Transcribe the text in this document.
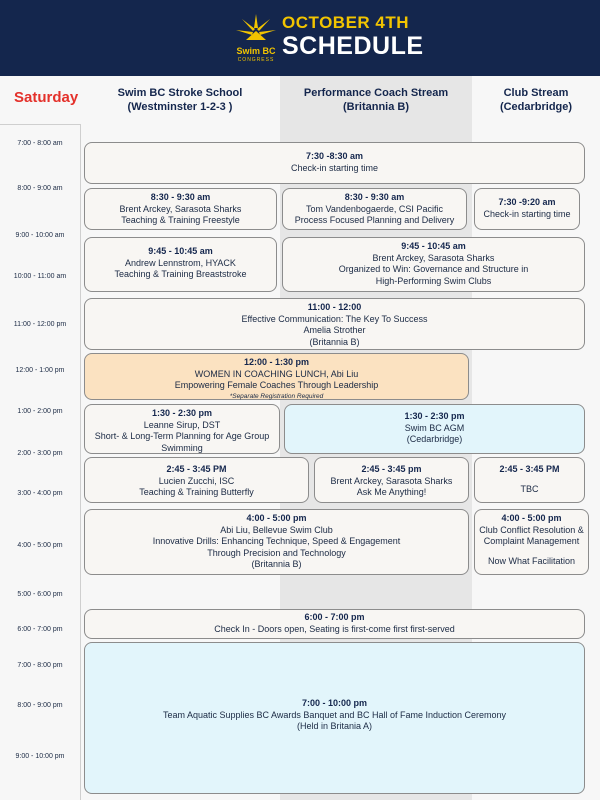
Swim BC
CONGRESS
OCTOBER 4TH
SCHEDULE
Saturday	Swim BC Stroke School
(Westminster 1-2-3 )
Performance Coach Stream
(Britannia B)
Club Stream
(Cedarbridge)
7:00 - 8:00 am
8:00 - 9:00 am
9:00 - 10:00 am
10:00 - 11:00 am
11:00 - 12:00 pm
12:00 - 1:00 pm
1:00 - 2:00 pm
2:00 - 3:00 pm
3:00 - 4:00 pm
4:00 - 5:00 pm
5:00 - 6:00 pm
6:00 - 7:00 pm
7:00 - 8:00 pm
8:00 - 9:00 pm
9:00 - 10:00 pm
7:30 -8:30 am
Check-in starting time
8:30 - 9:30 am
Brent Arckey, Sarasota Sharks
Teaching & Training Freestyle
8:30 - 9:30 am
Tom Vandenbogaerde, CSI Pacific
Process Focused Planning and Delivery
7:30 -9:20 am
Check-in starting time
9:45 - 10:45 am
Andrew Lennstrom, HYACK
Teaching & Training Breaststroke
9:45 - 10:45 am
Brent Arckey, Sarasota Sharks
Organized to Win: Governance and Structure in
High-Performing Swim Clubs
11:00 - 12:00
Effective Communication: The Key To Success
Amelia Strother
(Britannia B)
12:00 - 1:30 pm
WOMEN IN COACHING LUNCH, Abi Liu
Empowering Female Coaches Through Leadership
*Separate Registration Required
1:30 - 2:30 pm
Leanne Sirup, DST
Short- & Long-Term Planning for Age Group
Swimming
1:30 - 2:30 pm
Swim BC AGM
(Cedarbridge)
2:45 - 3:45 PM
Lucien Zucchi, ISC
Teaching & Training Butterfly
2:45 - 3:45 pm
Brent Arckey, Sarasota Sharks
Ask Me Anything!
2:45 - 3:45 PM
TBC
4:00 - 5:00 pm
Abi Liu, Bellevue Swim Club
Innovative Drills: Enhancing Technique, Speed & Engagement
Through Precision and Technology
(Britannia B)
4:00 - 5:00 pm
Club Conflict Resolution &
Complaint Management
Now What Facilitation
6:00 - 7:00 pm
Check In - Doors open, Seating is first-come first first-served
7:00 - 10:00 pm
Team Aquatic Supplies BC Awards Banquet and BC Hall of Fame Induction Ceremony
(Held in Britania A)
